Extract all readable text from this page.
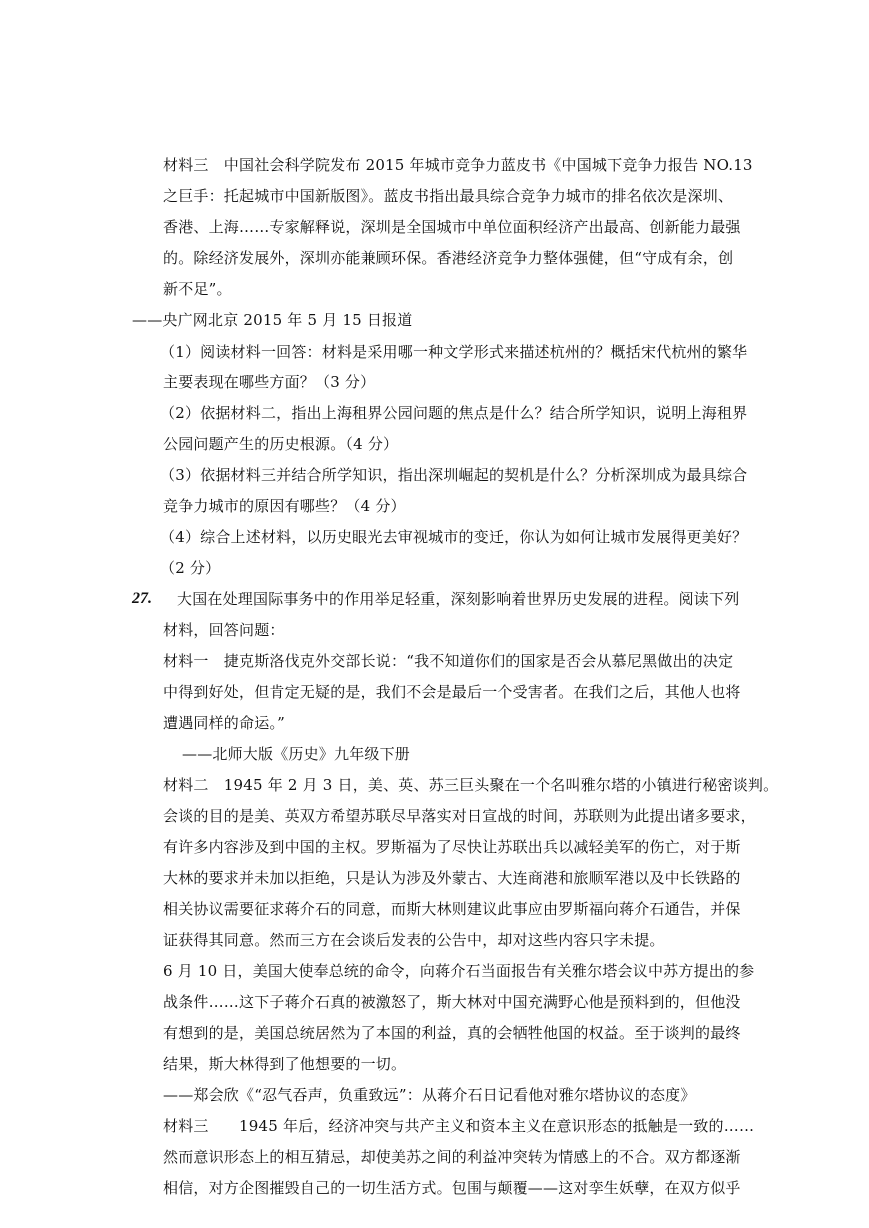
材料三　中国社会科学院发布 2015 年城市竞争力蓝皮书《中国城下竞争力报告 NO.13
之巨手：托起城市中国新版图》。蓝皮书指出最具综合竞争力城市的排名依次是深圳、
香港、上海……专家解释说，深圳是全国城市中单位面积经济产出最高、创新能力最强
的。除经济发展外，深圳亦能兼顾环保。香港经济竞争力整体强健，但“守成有余，创
新不足”。
——央广网北京 2015 年 5 月 15 日报道
（1）阅读材料一回答：材料是采用哪一种文学形式来描述杭州的？概括宋代杭州的繁华
主要表现在哪些方面？（3 分）
（2）依据材料二，指出上海租界公园问题的焦点是什么？结合所学知识，说明上海租界
公园问题产生的历史根源。（4 分）
（3）依据材料三并结合所学知识，指出深圳崛起的契机是什么？分析深圳成为最具综合
竞争力城市的原因有哪些？（4 分）
（4）综合上述材料，以历史眼光去审视城市的变迁，你认为如何让城市发展得更美好？
（2 分）
27. 大国在处理国际事务中的作用举足轻重，深刻影响着世界历史发展的进程。阅读下列
材料，回答问题：
材料一　捷克斯洛伐克外交部长说：“我不知道你们的国家是否会从慕尼黑做出的决定
中得到好处，但肯定无疑的是，我们不会是最后一个受害者。在我们之后，其他人也将
遭遇同样的命运。”
——北师大版《历史》九年级下册
材料二　1945 年 2 月 3 日，美、英、苏三巨头聚在一个名叫雅尔塔的小镇进行秘密谈判。
会谈的目的是美、英双方希望苏联尽早落实对日宣战的时间，苏联则为此提出诸多要求，
有许多内容涉及到中国的主权。罗斯福为了尽快让苏联出兵以减轻美军的伤亡，对于斯
大林的要求并未加以拒绝，只是认为涉及外蒙古、大连商港和旅顺军港以及中长铁路的
相关协议需要征求蒋介石的同意，而斯大林则建议此事应由罗斯福向蒋介石通告，并保
证获得其同意。然而三方在会谈后发表的公告中，却对这些内容只字未提。
6 月 10 日，美国大使奉总统的命令，向蒋介石当面报告有关雅尔塔会议中苏方提出的参
战条件……这下子蒋介石真的被激怒了，斯大林对中国充满野心他是预料到的，但他没
有想到的是，美国总统居然为了本国的利益，真的会牺牲他国的权益。至于谈判的最终
结果，斯大林得到了他想要的一切。
——郑会欣《“忍气吞声，负重致远”：从蒋介石日记看他对雅尔塔协议的态度》
材料三　　1945 年后，经济冲突与共产主义和资本主义在意识形态的抵触是一致的……
然而意识形态上的相互猜忌，却使美苏之间的利益冲突转为情感上的不合。双方都逐渐
相信，对方企图摧毁自己的一切生活方式。包围与颠覆——这对孪生妖孽，在双方似乎
